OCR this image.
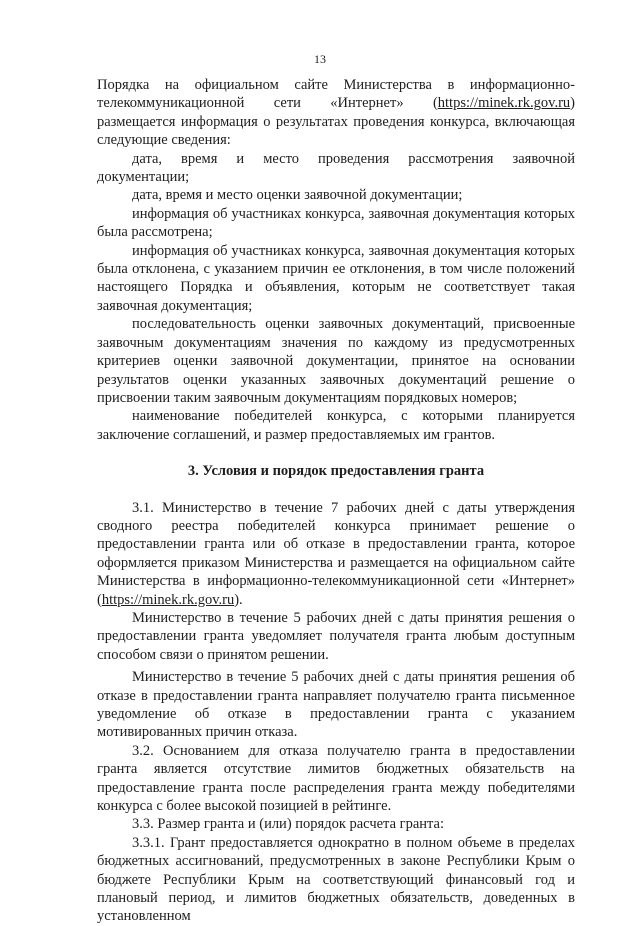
13

Порядка на официальном сайте Министерства в информационно-телекоммуникационной сети «Интернет» (https://minek.rk.gov.ru) размещается информация о результатах проведения конкурса, включающая следующие сведения:

дата, время и место проведения рассмотрения заявочной документации;

дата, время и место оценки заявочной документации;

информация об участниках конкурса, заявочная документация которых была рассмотрена;

информация об участниках конкурса, заявочная документация которых была отклонена, с указанием причин ее отклонения, в том числе положений настоящего Порядка и объявления, которым не соответствует такая заявочная документация;

последовательность оценки заявочных документаций, присвоенные заявочным документациям значения по каждому из предусмотренных критериев оценки заявочной документации, принятое на основании результатов оценки указанных заявочных документаций решение о присвоении таким заявочным документациям порядковых номеров;

наименование победителей конкурса, с которыми планируется заключение соглашений, и размер предоставляемых им грантов.

3. Условия и порядок предоставления гранта

3.1. Министерство в течение 7 рабочих дней с даты утверждения сводного реестра победителей конкурса принимает решение о предоставлении гранта или об отказе в предоставлении гранта, которое оформляется приказом Министерства и размещается на официальном сайте Министерства в информационно-телекоммуникационной сети «Интернет» (https://minek.rk.gov.ru).

Министерство в течение 5 рабочих дней с даты принятия решения о предоставлении гранта уведомляет получателя гранта любым доступным способом связи о принятом решении.

Министерство в течение 5 рабочих дней с даты принятия решения об отказе в предоставлении гранта направляет получателю гранта письменное уведомление об отказе в предоставлении гранта с указанием мотивированных причин отказа.

3.2. Основанием для отказа получателю гранта в предоставлении гранта является отсутствие лимитов бюджетных обязательств на предоставление гранта после распределения гранта между победителями конкурса с более высокой позицией в рейтинге.

3.3. Размер гранта и (или) порядок расчета гранта:

3.3.1. Грант предоставляется однократно в полном объеме в пределах бюджетных ассигнований, предусмотренных в законе Республики Крым о бюджете Республики Крым на соответствующий финансовый год и плановый период, и лимитов бюджетных обязательств, доведенных в установленном
